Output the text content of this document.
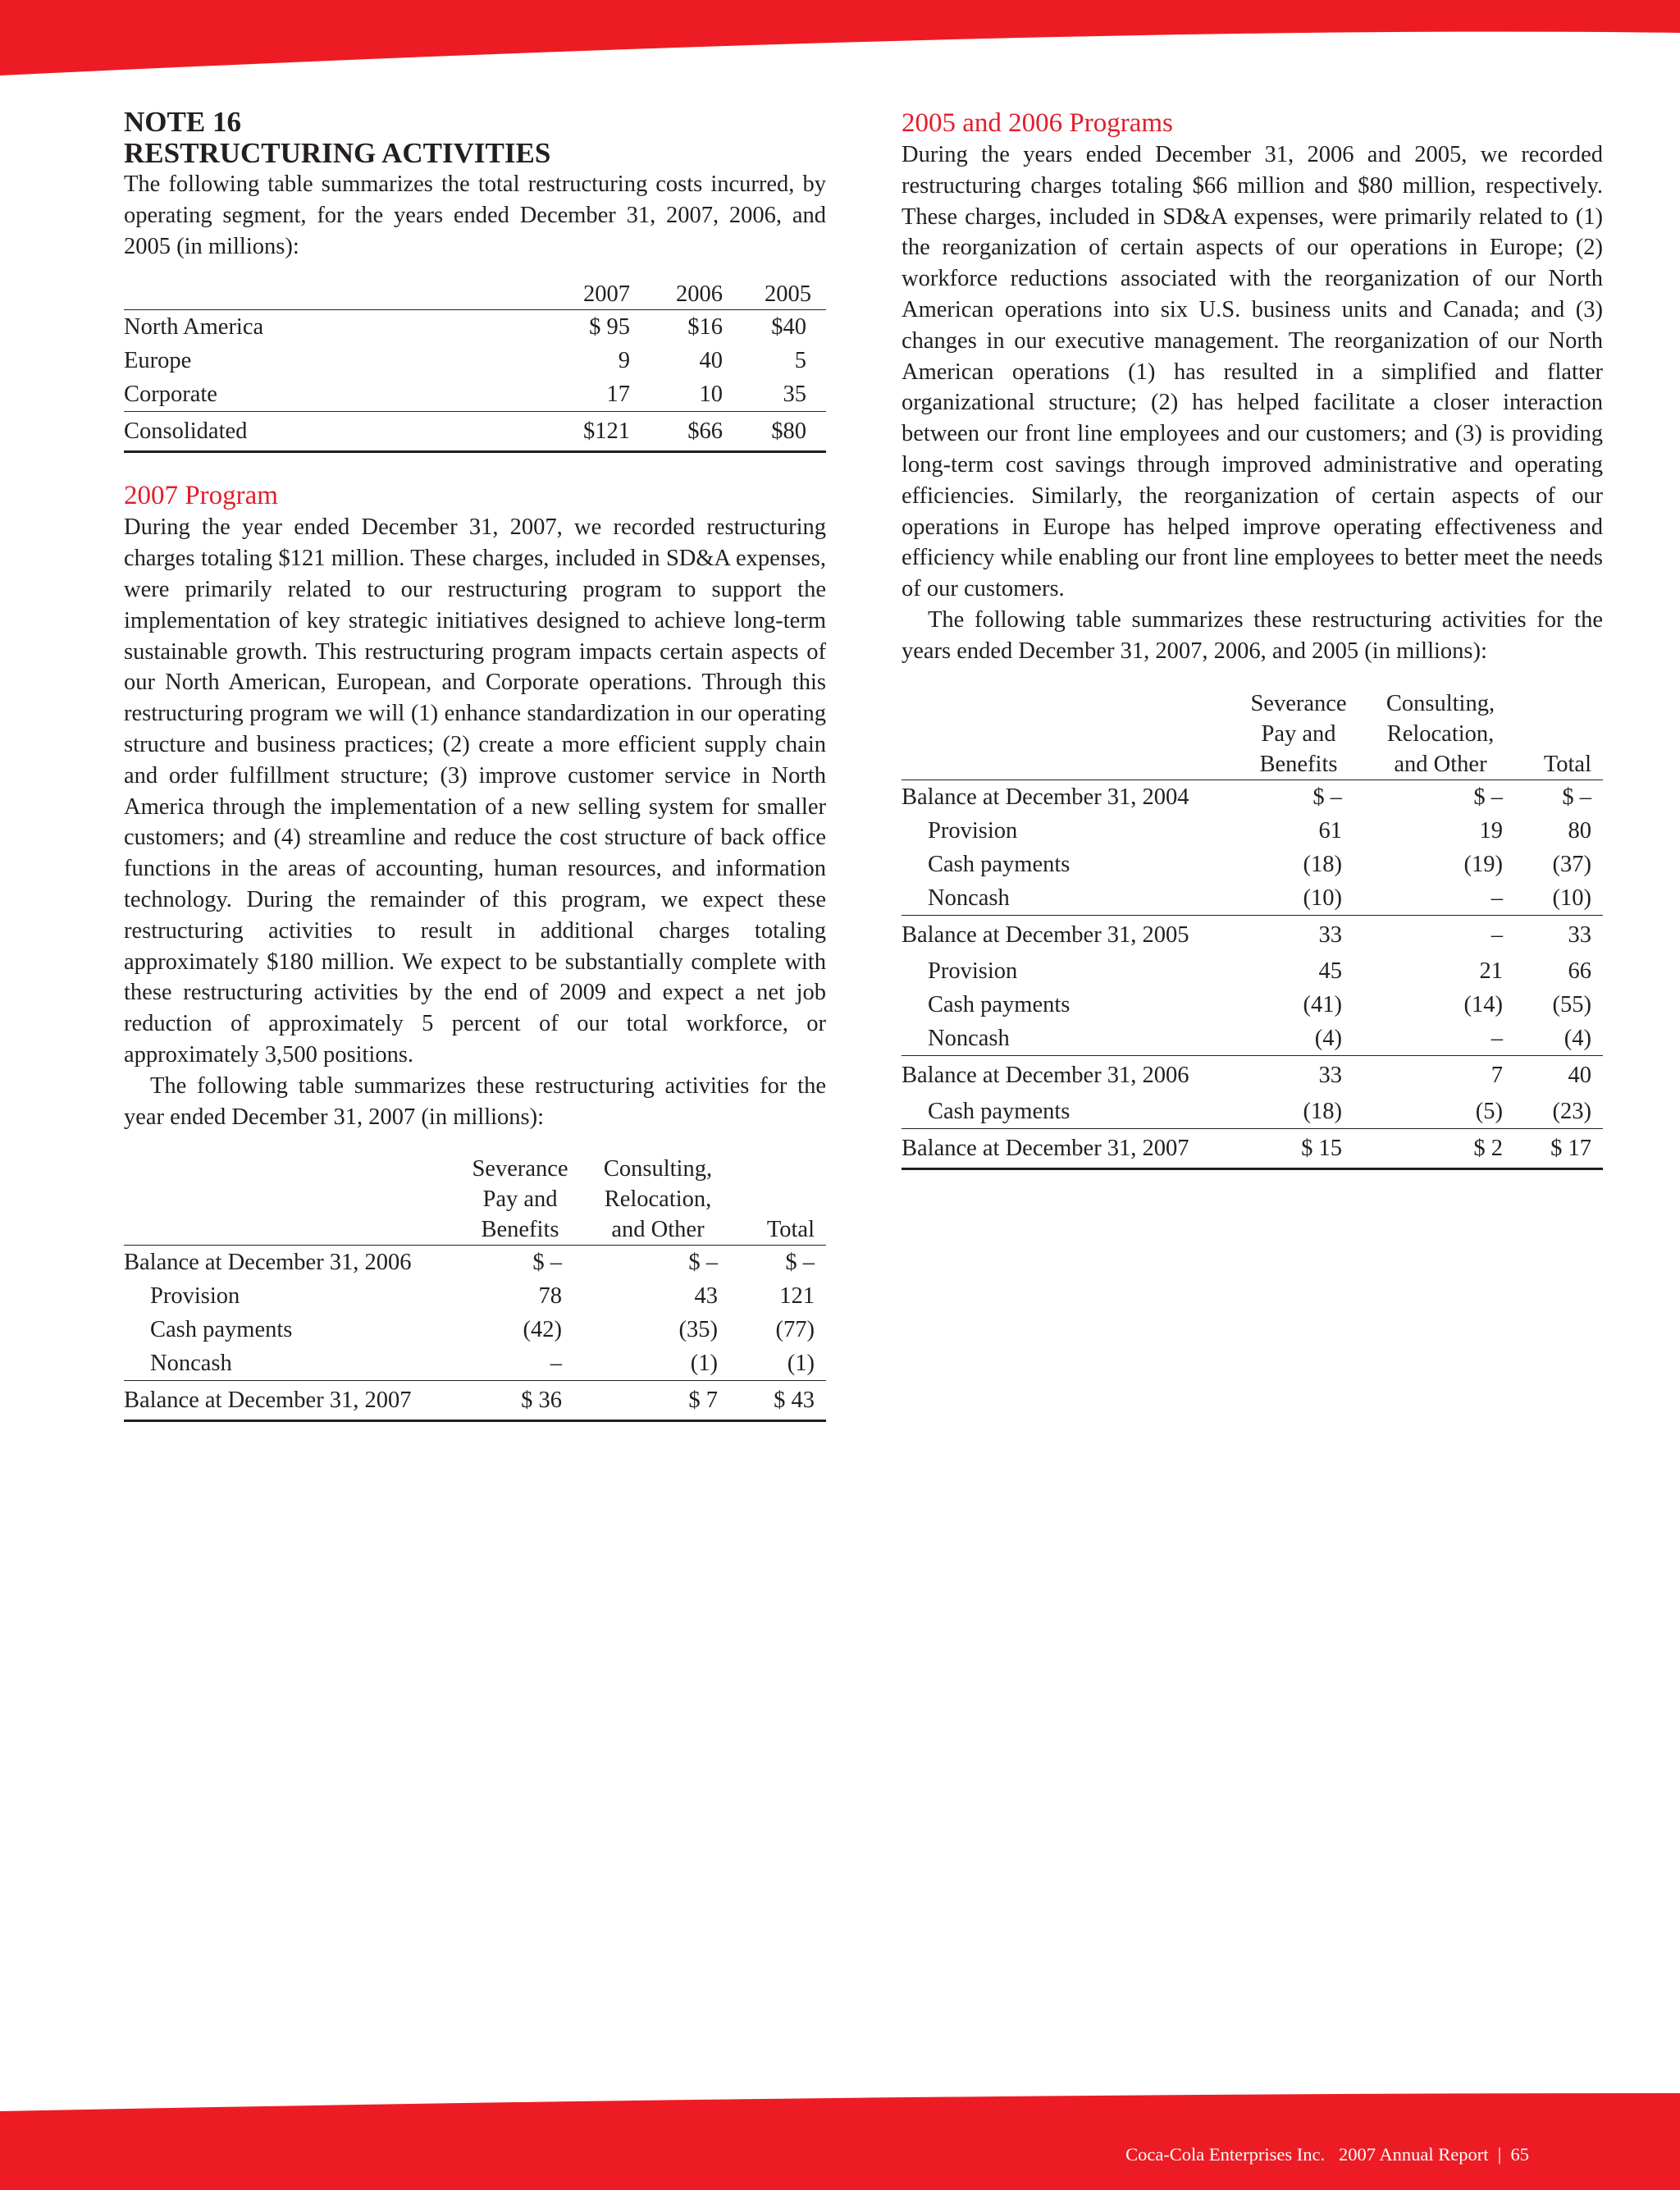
NOTE 16
RESTRUCTURING ACTIVITIES

The following table summarizes the total restructuring costs incurred, by operating segment, for the years ended December 31, 2007, 2006, and 2005 (in millions):

	2007	2006	2005
North America	$ 95	$16	$40
Europe	9	40	5
Corporate	17	10	35
Consolidated	$121	$66	$80
2007 Program

During the year ended December 31, 2007, we recorded restructuring charges totaling $121 million. These charges, included in SD&A expenses, were primarily related to our restructuring program to support the implementation of key strategic initiatives designed to achieve long-term sustainable growth. This restructuring program impacts certain aspects of our North American, European, and Corporate operations. Through this restructuring program we will (1) enhance standardization in our operating structure and business practices; (2) create a more efficient supply chain and order fulfillment structure; (3) improve customer service in North America through the implementation of a new selling system for smaller customers; and (4) streamline and reduce the cost structure of back office functions in the areas of accounting, human resources, and information technology. During the remainder of this program, we expect these restructuring activities to result in additional charges totaling approximately $180 million. We expect to be substantially complete with these restructuring activities by the end of 2009 and expect a net job reduction of approximately 5 percent of our total workforce, or approximately 3,500 positions.

The following table summarizes these restructuring activities for the year ended December 31, 2007 (in millions):

	Severance	Consulting,	
	Pay and	Relocation,	
	Benefits	and Other	Total
Balance at December 31, 2006	$ –	$ –	$ –
Provision	78	43	121
Cash payments	(42)	(35)	(77)
Noncash	–	(1)	(1)
Balance at December 31, 2007	$ 36	$ 7	$ 43
2005 and 2006 Programs

During the years ended December 31, 2006 and 2005, we recorded restructuring charges totaling $66 million and $80 million, respectively. These charges, included in SD&A expenses, were primarily related to (1) the reorganization of certain aspects of our operations in Europe; (2) workforce reductions associated with the reorganization of our North American operations into six U.S. business units and Canada; and (3) changes in our executive management. The reorganization of our North American operations (1) has resulted in a simplified and flatter organizational structure; (2) has helped facilitate a closer interaction between our front line employees and our customers; and (3) is providing long-term cost savings through improved administrative and operating efficiencies. Similarly, the reorganization of certain aspects of our operations in Europe has helped improve operating effectiveness and efficiency while enabling our front line employees to better meet the needs of our customers.

The following table summarizes these restructuring activities for the years ended December 31, 2007, 2006, and 2005 (in millions):

	Severance	Consulting,	
	Pay and	Relocation,	
	Benefits	and Other	Total
Balance at December 31, 2004	$ –	$ –	$ –
Provision	61	19	80
Cash payments	(18)	(19)	(37)
Noncash	(10)	–	(10)
Balance at December 31, 2005	33	–	33
Provision	45	21	66
Cash payments	(41)	(14)	(55)
Noncash	(4)	–	(4)
Balance at December 31, 2006	33	7	40
Cash payments	(18)	(5)	(23)
Balance at December 31, 2007	$ 15	$ 2	$ 17
Coca-Cola Enterprises Inc. 2007 Annual Report | 65
